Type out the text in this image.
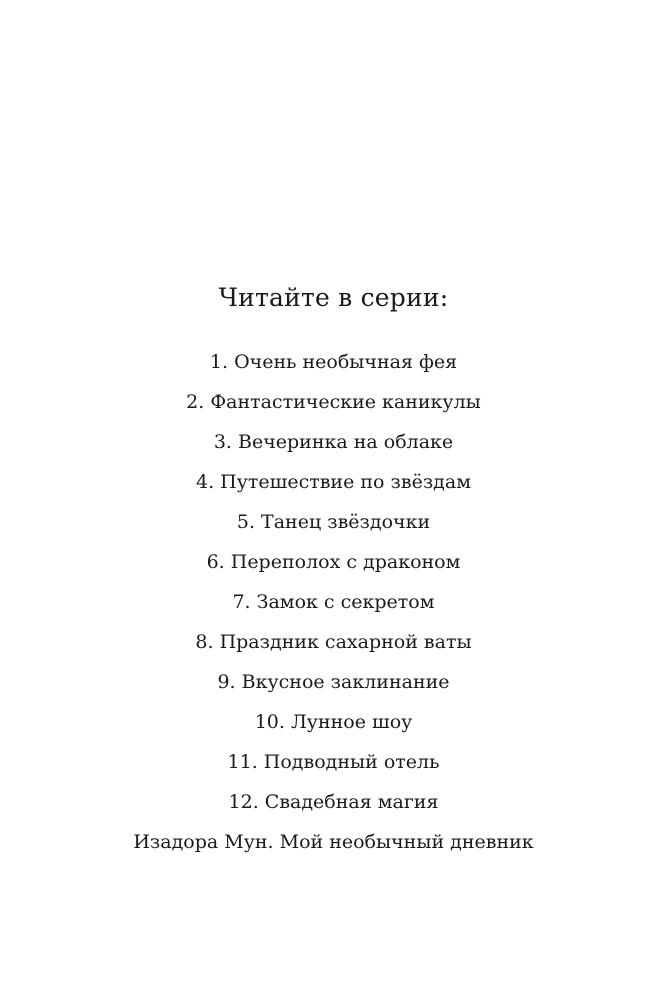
Читайте в серии:
1. Очень необычная фея
2. Фантастические каникулы
3. Вечеринка на облаке
4. Путешествие по звёздам
5. Танец звёздочки
6. Переполох с драконом
7. Замок с секретом
8. Праздник сахарной ваты
9. Вкусное заклинание
10. Лунное шоу
11. Подводный отель
12. Свадебная магия
Изадора Мун. Мой необычный дневник
